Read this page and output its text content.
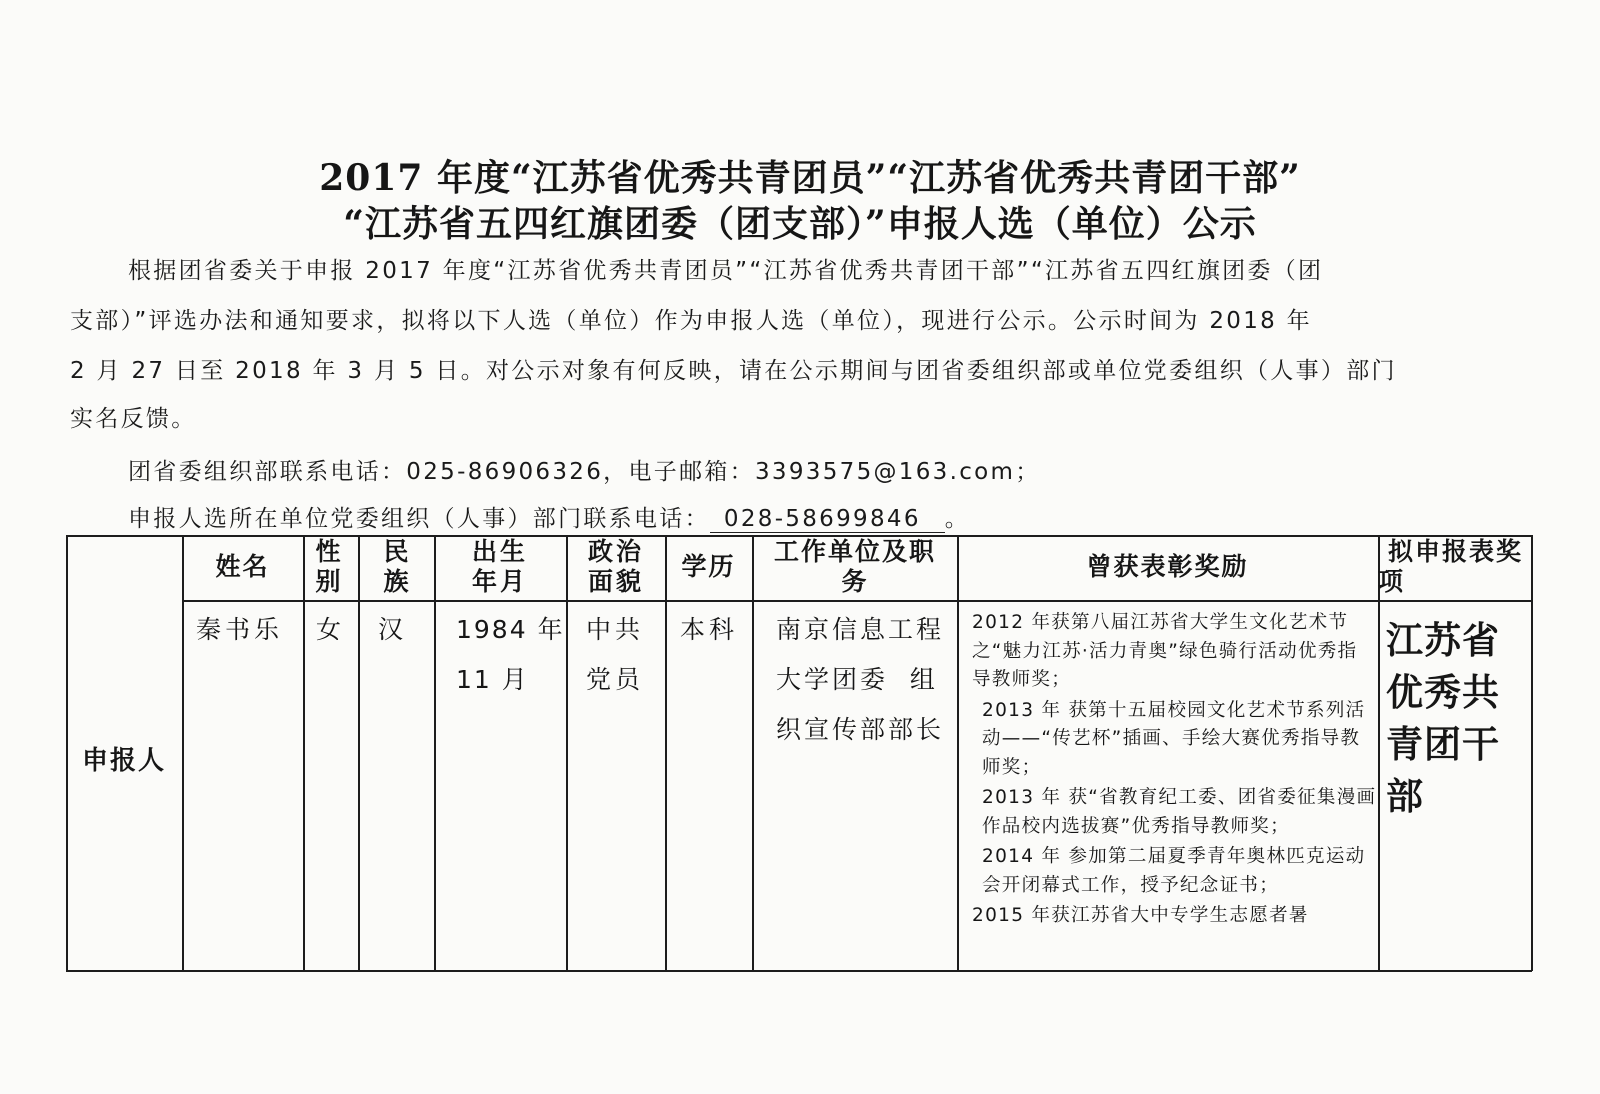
2017 年度“江苏省优秀共青团员”“江苏省优秀共青团干部”
“江苏省五四红旗团委（团支部）”申报人选（单位）公示
根据团省委关于申报 2017 年度“江苏省优秀共青团员”“江苏省优秀共青团干部”“江苏省五四红旗团委（团
支部）”评选办法和通知要求，拟将以下人选（单位）作为申报人选（单位），现进行公示。公示时间为 2018 年
2 月 27 日至 2018 年 3 月 5 日。对公示对象有何反映，请在公示期间与团省委组织部或单位党委组织（人事）部门
实名反馈。
团省委组织部联系电话：025-86906326，电子邮箱：3393575@163.com；
申报人选所在单位党委组织（人事）部门联系电话： 028-58699846 。
姓名
性别
民族
出生年月
政治面貌
学历
工作单位及职务
曾获表彰奖励
拟申报表奖项
申报人
秦书乐 女 汉 1984 年
11 月
中共
党员
本科 南京信息工程
大学团委  组
织宣传部部长
2012 年获第八届江苏省大学生文化艺术节之“魅力江苏·活力青奥”绿色骑行活动优秀指导教师奖；
2013 年 获第十五届校园文化艺术节系列活动——“传艺杯”插画、手绘大赛优秀指导教师奖；
2013 年 获“省教育纪工委、团省委征集漫画作品校内选拔赛”优秀指导教师奖；
2014 年 参加第二届夏季青年奥林匹克运动会开闭幕式工作，授予纪念证书；
2015 年获江苏省大中专学生志愿者暑
江苏省优秀共青团干部
